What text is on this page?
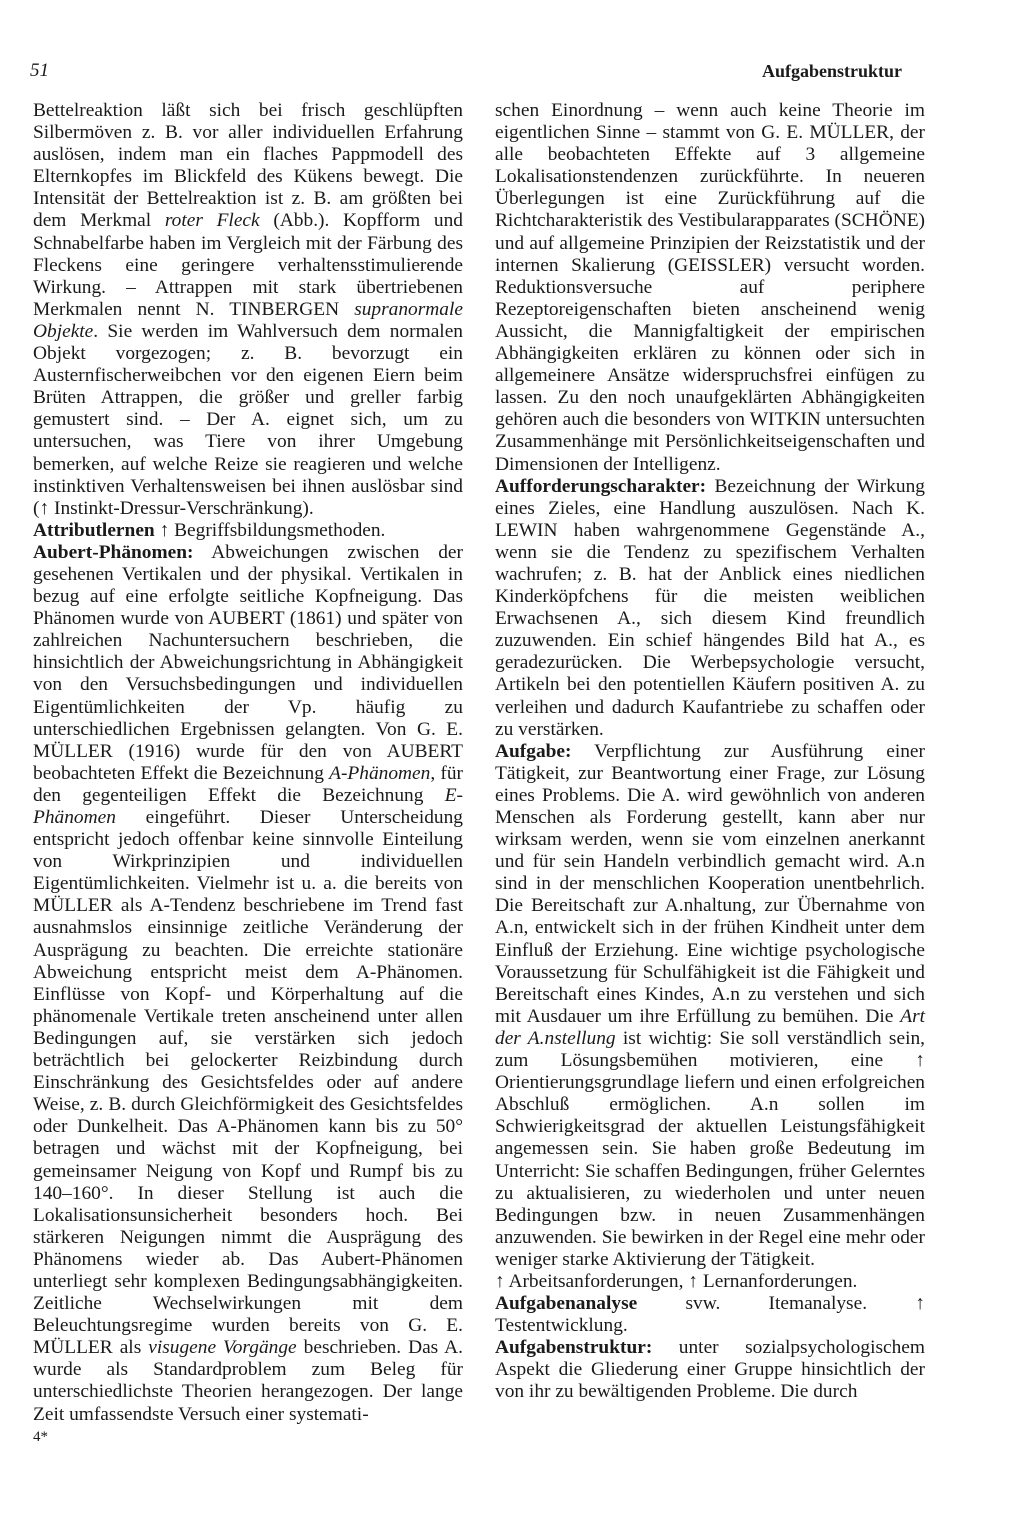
51	Aufgabenstruktur

Bettelreaktion läßt sich bei frisch geschlüpften Silbermöven z. B. vor aller individuellen Erfahrung auslösen, indem man ein flaches Pappmodell des Elternkopfes im Blickfeld des Kükens bewegt. Die Intensität der Bettelreaktion ist z. B. am größten bei dem Merkmal roter Fleck (Abb.). Kopfform und Schnabelfarbe haben im Vergleich mit der Färbung des Fleckens eine geringere verhaltensstimulierende Wirkung. – Attrappen mit stark übertriebenen Merkmalen nennt N. TINBERGEN supranormale Objekte. Sie werden im Wahlversuch dem normalen Objekt vorgezogen; z. B. bevorzugt ein Austernfischerweibchen vor den eigenen Eiern beim Brüten Attrappen, die größer und greller farbig gemustert sind. – Der A. eignet sich, um zu untersuchen, was Tiere von ihrer Umgebung bemerken, auf welche Reize sie reagieren und welche instinktiven Verhaltensweisen bei ihnen auslösbar sind (↑ Instinkt-Dressur-Verschränkung).

Attributlernen ↑ Begriffsbildungsmethoden.

Aubert-Phänomen: Abweichungen zwischen der gesehenen Vertikalen und der physikal. Vertikalen in bezug auf eine erfolgte seitliche Kopfneigung. Das Phänomen wurde von AUBERT (1861) und später von zahlreichen Nachuntersuchern beschrieben, die hinsichtlich der Abweichungsrichtung in Abhängigkeit von den Versuchsbedingungen und individuellen Eigentümlichkeiten der Vp. häufig zu unterschiedlichen Ergebnissen gelangten. Von G. E. MÜLLER (1916) wurde für den von AUBERT beobachteten Effekt die Bezeichnung A-Phänomen, für den gegenteiligen Effekt die Bezeichnung E-Phänomen eingeführt. Dieser Unterscheidung entspricht jedoch offenbar keine sinnvolle Einteilung von Wirkprinzipien und individuellen Eigentümlichkeiten. Vielmehr ist u. a. die bereits von MÜLLER als A-Tendenz beschriebene im Trend fast ausnahmslos einsinnige zeitliche Veränderung der Ausprägung zu beachten. Die erreichte stationäre Abweichung entspricht meist dem A-Phänomen. Einflüsse von Kopf- und Körperhaltung auf die phänomenale Vertikale treten anscheinend unter allen Bedingungen auf, sie verstärken sich jedoch beträchtlich bei gelockerter Reizbindung durch Einschränkung des Gesichtsfeldes oder auf andere Weise, z. B. durch Gleichförmigkeit des Gesichtsfeldes oder Dunkelheit. Das A-Phänomen kann bis zu 50° betragen und wächst mit der Kopfneigung, bei gemeinsamer Neigung von Kopf und Rumpf bis zu 140–160°. In dieser Stellung ist auch die Lokalisationsunsicherheit besonders hoch. Bei stärkeren Neigungen nimmt die Ausprägung des Phänomens wieder ab. Das Aubert-Phänomen unterliegt sehr komplexen Bedingungsabhängigkeiten. Zeitliche Wechselwirkungen mit dem Beleuchtungsregime wurden bereits von G. E. MÜLLER als visugene Vorgänge beschrieben. Das A. wurde als Standardproblem zum Beleg für unterschiedlichste Theorien herangezogen. Der lange Zeit umfassendste Versuch einer systemati-

schen Einordnung – wenn auch keine Theorie im eigentlichen Sinne – stammt von G. E. MÜLLER, der alle beobachteten Effekte auf 3 allgemeine Lokalisationstendenzen zurückführte. In neueren Überlegungen ist eine Zurückführung auf die Richtcharakteristik des Vestibularapparates (SCHÖNE) und auf allgemeine Prinzipien der Reizstatistik und der internen Skalierung (GEISSLER) versucht worden. Reduktionsversuche auf periphere Rezeptoreigenschaften bieten anscheinend wenig Aussicht, die Mannigfaltigkeit der empirischen Abhängigkeiten erklären zu können oder sich in allgemeinere Ansätze widerspruchsfrei einfügen zu lassen. Zu den noch unaufgeklärten Abhängigkeiten gehören auch die besonders von WITKIN untersuchten Zusammenhänge mit Persönlichkeitseigenschaften und Dimensionen der Intelligenz.

Aufforderungscharakter: Bezeichnung der Wirkung eines Zieles, eine Handlung auszulösen. Nach K. LEWIN haben wahrgenommene Gegenstände A., wenn sie die Tendenz zu spezifischem Verhalten wachrufen; z. B. hat der Anblick eines niedlichen Kinderköpfchens für die meisten weiblichen Erwachsenen A., sich diesem Kind freundlich zuzuwenden. Ein schief hängendes Bild hat A., es geradezurücken. Die Werbepsychologie versucht, Artikeln bei den potentiellen Käufern positiven A. zu verleihen und dadurch Kaufantriebe zu schaffen oder zu verstärken.

Aufgabe: Verpflichtung zur Ausführung einer Tätigkeit, zur Beantwortung einer Frage, zur Lösung eines Problems. Die A. wird gewöhnlich von anderen Menschen als Forderung gestellt, kann aber nur wirksam werden, wenn sie vom einzelnen anerkannt und für sein Handeln verbindlich gemacht wird. A.n sind in der menschlichen Kooperation unentbehrlich. Die Bereitschaft zur A.nhaltung, zur Übernahme von A.n, entwickelt sich in der frühen Kindheit unter dem Einfluß der Erziehung. Eine wichtige psychologische Voraussetzung für Schulfähigkeit ist die Fähigkeit und Bereitschaft eines Kindes, A.n zu verstehen und sich mit Ausdauer um ihre Erfüllung zu bemühen. Die Art der A.nstellung ist wichtig: Sie soll verständlich sein, zum Lösungsbemühen motivieren, eine ↑ Orientierungsgrundlage liefern und einen erfolgreichen Abschluß ermöglichen. A.n sollen im Schwierigkeitsgrad der aktuellen Leistungsfähigkeit angemessen sein. Sie haben große Bedeutung im Unterricht: Sie schaffen Bedingungen, früher Gelerntes zu aktualisieren, zu wiederholen und unter neuen Bedingungen bzw. in neuen Zusammenhängen anzuwenden. Sie bewirken in der Regel eine mehr oder weniger starke Aktivierung der Tätigkeit.

↑ Arbeitsanforderungen, ↑ Lernanforderungen.

Aufgabenanalyse svw. Itemanalyse. ↑ Testentwicklung.

Aufgabenstruktur: unter sozialpsychologischem Aspekt die Gliederung einer Gruppe hinsichtlich der von ihr zu bewältigenden Probleme. Die durch

4*
